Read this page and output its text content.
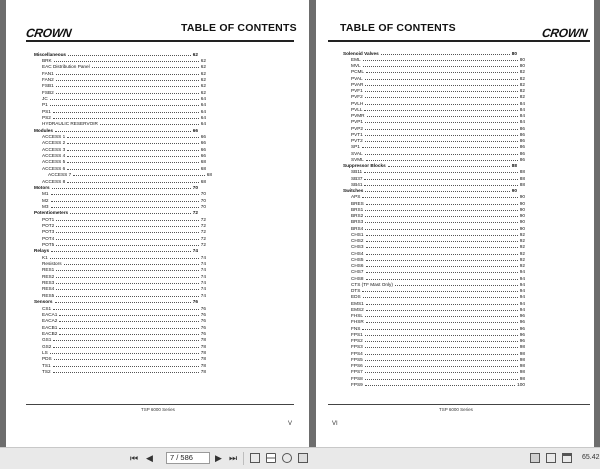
TABLE OF CONTENTS
CROWN
Miscellaneous	62
BRK	62
EAC Distribution Panel	62
FAN1	62
FAN2	62
FSB1	62
FSB2	62
JC	64
P1	64
PS1	64
PS2	64
HYDRAULIC RESERVOIR	64
Modules	66
ACCESS 1	66
ACCESS 2	66
ACCESS 3	66
ACCESS 4	66
ACCESS 5	68
ACCESS 6	68
ACCESS 7	68
ACCESS 8	68
Motors	70
M1	70
M2	70
M3	70
Potentiometers	72
POT1	72
POT2	72
POT3	72
POT4	72
POT5	72
Relays	74
K1	74
Resistors	74
RES1	74
RES2	74
RES3	74
RES4	74
RES5	74
Sensors	76
CS1	76
EACA1	76
EACA2	76
EACB1	76
EACB2	76
GS1	78
GS2	78
LS	78
PDS	78
TS1	78
TS2	78
TSP 6000 Series
V
TABLE OF CONTENTS	CROWN
Solenoid Valves	80
EML	80
MVL	80
PCML	82
PVAL	82
PVAR	82
PVF1	82
PVF2	82
PVLH	84
PVLL	84
PVMR	84
PVP1	84
PVP2	86
PVT1	86
PVT2	86
SP1	86
SVAL	86
SVML	86
Suppressor Blocks	88
SB11	88
SB37	88
SB41	88
Switches	90
APS	90
BRES	90
BRS1	90
BRS2	90
BRS3	90
BRS4	90
CHS1	92
CHS2	92
CHS3	92
CHS4	92
CHS5	92
CHS6	92
CHS7	94
CHS8	94
CTS (TF Mast Only)	94
DTS	94
EDS	94
EMS1	94
EMS2	94
FHSL	96
FHSR	96
FNS	96
FPS1	96
FPS2	96
FPS3	98
FPS4	98
FPS5	98
FPS6	98
FPS7	98
FPS8	98
FPS9	100
TSP 6000 Series
VI
⏮ ◀	7 / 586	▶ ⏭	65.42
